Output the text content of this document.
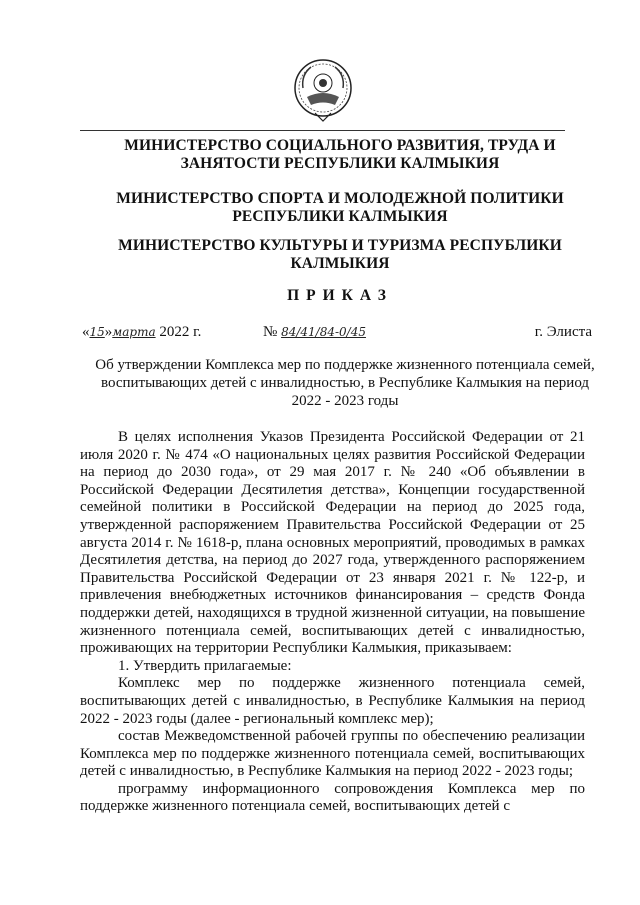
МИНИСТЕРСТВО СОЦИАЛЬНОГО РАЗВИТИЯ, ТРУДА И ЗАНЯТОСТИ РЕСПУБЛИКИ КАЛМЫКИЯ
МИНИСТЕРСТВО СПОРТА И МОЛОДЕЖНОЙ ПОЛИТИКИ РЕСПУБЛИКИ КАЛМЫКИЯ
МИНИСТЕРСТВО КУЛЬТУРЫ И ТУРИЗМА РЕСПУБЛИКИ КАЛМЫКИЯ
ПРИКАЗ
«15»марта 2022 г.	№ 84/41/84-0/45	г. Элиста
Об утверждении Комплекса мер по поддержке жизненного потенциала семей, воспитывающих детей с инвалидностью, в Республике Калмыкия на период 2022 - 2023 годы

В целях исполнения Указов Президента Российской Федерации от 21 июля 2020 г. № 474 «О национальных целях развития Российской Федерации на период до 2030 года», от 29 мая 2017 г. № 240 «Об объявлении в Российской Федерации Десятилетия детства», Концепции государственной семейной политики в Российской Федерации на период до 2025 года, утвержденной распоряжением Правительства Российской Федерации от 25 августа 2014 г. № 1618-р, плана основных мероприятий, проводимых в рамках Десятилетия детства, на период до 2027 года, утвержденного распоряжением Правительства Российской Федерации от 23 января 2021 г. № 122-р, и привлечения внебюджетных источников финансирования – средств Фонда поддержки детей, находящихся в трудной жизненной ситуации, на повышение жизненного потенциала семей, воспитывающих детей с инвалидностью, проживающих на территории Республики Калмыкия, приказываем:

1. Утвердить прилагаемые:

Комплекс мер по поддержке жизненного потенциала семей, воспитывающих детей с инвалидностью, в Республике Калмыкия на период 2022 - 2023 годы (далее - региональный комплекс мер);

состав Межведомственной рабочей группы по обеспечению реализации Комплекса мер по поддержке жизненного потенциала семей, воспитывающих детей с инвалидностью, в Республике Калмыкия на период 2022 - 2023 годы;

программу информационного сопровождения Комплекса мер по поддержке жизненного потенциала семей, воспитывающих детей с
